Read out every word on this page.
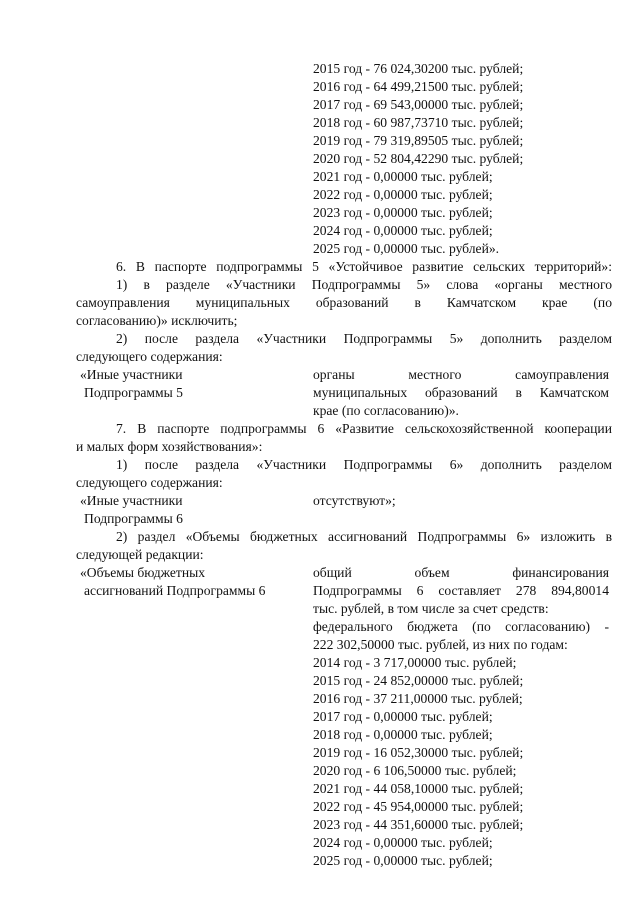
2015 год - 76 024,30200 тыс. рублей;
2016 год - 64 499,21500 тыс. рублей;
2017 год - 69 543,00000 тыс. рублей;
2018 год - 60 987,73710 тыс. рублей;
2019 год - 79 319,89505 тыс. рублей;
2020 год - 52 804,42290 тыс. рублей;
2021 год - 0,00000 тыс. рублей;
2022 год - 0,00000 тыс. рублей;
2023 год - 0,00000 тыс. рублей;
2024 год - 0,00000 тыс. рублей;
2025 год - 0,00000 тыс. рублей».
6. В паспорте подпрограммы 5 «Устойчивое развитие сельских территорий»:
1) в разделе «Участники Подпрограммы 5» слова «органы местного
самоуправления муниципальных образований в Камчатском крае (по
согласованию)» исключить;
2) после раздела «Участники Подпрограммы 5» дополнить разделом
следующего содержания:
«Иные участники
Подпрограммы 5
органы местного самоуправления
муниципальных образований в Камчатском
крае (по согласованию)».
7. В паспорте подпрограммы 6 «Развитие сельскохозяйственной кооперации
и малых форм хозяйствования»:
1) после раздела «Участники Подпрограммы 6» дополнить разделом
следующего содержания:
«Иные участники
Подпрограммы 6
отсутствуют»;
2) раздел «Объемы бюджетных ассигнований Подпрограммы 6» изложить в
следующей редакции:
«Объемы бюджетных
ассигнований Подпрограммы 6
общий объем финансирования
Подпрограммы 6 составляет 278 894,80014
тыс. рублей, в том числе за счет средств:
федерального бюджета (по согласованию) -
222 302,50000 тыс. рублей, из них по годам:
2014 год - 3 717,00000 тыс. рублей;
2015 год - 24 852,00000 тыс. рублей;
2016 год - 37 211,00000 тыс. рублей;
2017 год - 0,00000 тыс. рублей;
2018 год - 0,00000 тыс. рублей;
2019 год - 16 052,30000 тыс. рублей;
2020 год - 6 106,50000 тыс. рублей;
2021 год - 44 058,10000 тыс. рублей;
2022 год - 45 954,00000 тыс. рублей;
2023 год - 44 351,60000 тыс. рублей;
2024 год - 0,00000 тыс. рублей;
2025 год - 0,00000 тыс. рублей;
